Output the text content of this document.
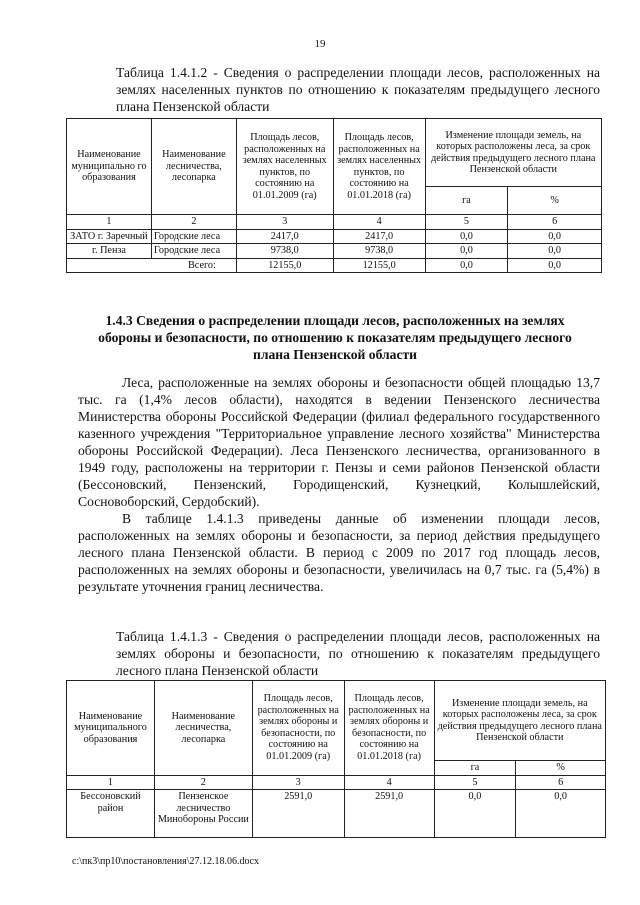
19
Таблица 1.4.1.2 - Сведения о распределении площади лесов, расположенных на землях населенных пунктов по отношению к показателям предыдущего лесного плана Пензенской области
Наименование муниципально го образования	Наименование лесничества, лесопарка	Площадь лесов, расположенных на землях населенных пунктов, по состоянию на 01.01.2009 (га)	Площадь лесов, расположенных на землях населенных пунктов, по состоянию на 01.01.2018 (га)	Изменение площади земель, на которых расположены леса, за срок действия предыдущего лесного плана Пензенской области	
				га	%
1	2	3	4	5	6
ЗАТО г. Заречный	Городские леса	2417,0	2417,0	0,0	0,0
г. Пенза	Городские леса	9738,0	9738,0	0,0	0,0
Всего:		12155,0	12155,0	0,0	0,0
1.4.3 Сведения о распределении площади лесов, расположенных на землях обороны и безопасности, по отношению к показателям предыдущего лесного плана Пензенской области

Леса, расположенные на землях обороны и безопасности общей площадью 13,7 тыс. га (1,4% лесов области), находятся в ведении Пензенского лесничества Министерства обороны Российской Федерации (филиал федерального государственного казенного учреждения "Территориальное управление лесного хозяйства" Министерства обороны Российской Федерации). Леса Пензенского лесничества, организованного в 1949 году, расположены на территории г. Пензы и семи районов Пензенской области (Бессоновский, Пензенский, Городищенский, Кузнецкий, Колышлейский, Сосновоборский, Сердобский).

В таблице 1.4.1.3 приведены данные об изменении площади лесов, расположенных на землях обороны и безопасности, за период действия предыдущего лесного плана Пензенской области. В период с 2009 по 2017 год площадь лесов, расположенных на землях обороны и безопасности, увеличилась на 0,7 тыс. га (5,4%) в результате уточнения границ лесничества.

Таблица 1.4.1.3 - Сведения о распределении площади лесов, расположенных на землях обороны и безопасности, по отношению к показателям предыдущего лесного плана Пензенской области
Наименование муниципального образования	Наименование лесничества, лесопарка	Площадь лесов, расположенных на землях обороны и безопасности, по состоянию на 01.01.2009 (га)	Площадь лесов, расположенных на землях обороны и безопасности, по состоянию на 01.01.2018 (га)	Изменение площади земель, на которых расположены леса, за срок действия предыдущего лесного плана Пензенской области	
				га	%
1	2	3	4	5	6
Бессоновский район	Пензенское лесничество Минобороны России	2591,0	2591,0	0,0	0,0
c:\пк3\пр10\постановления\27.12.18.06.docx
